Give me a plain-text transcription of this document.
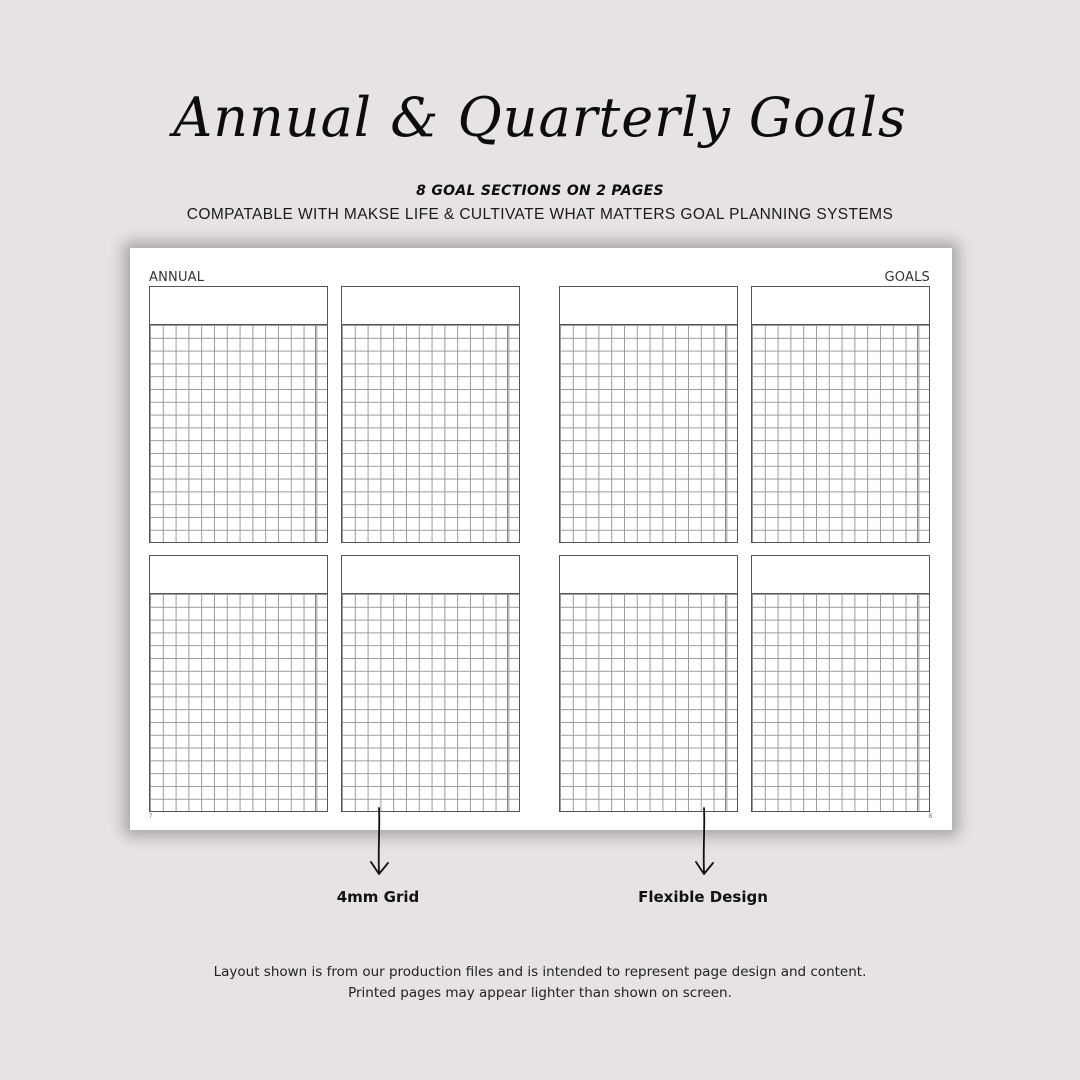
Annual & Quarterly Goals
8 GOAL SECTIONS ON 2 PAGES
COMPATABLE WITH MAKSE LIFE & CULTIVATE WHAT MATTERS GOAL PLANNING SYSTEMS
ANNUAL	GOALS
7	8
4mm Grid	Flexible Design
Layout shown is from our production files and is intended to represent page design and content.
Printed pages may appear lighter than shown on screen.
